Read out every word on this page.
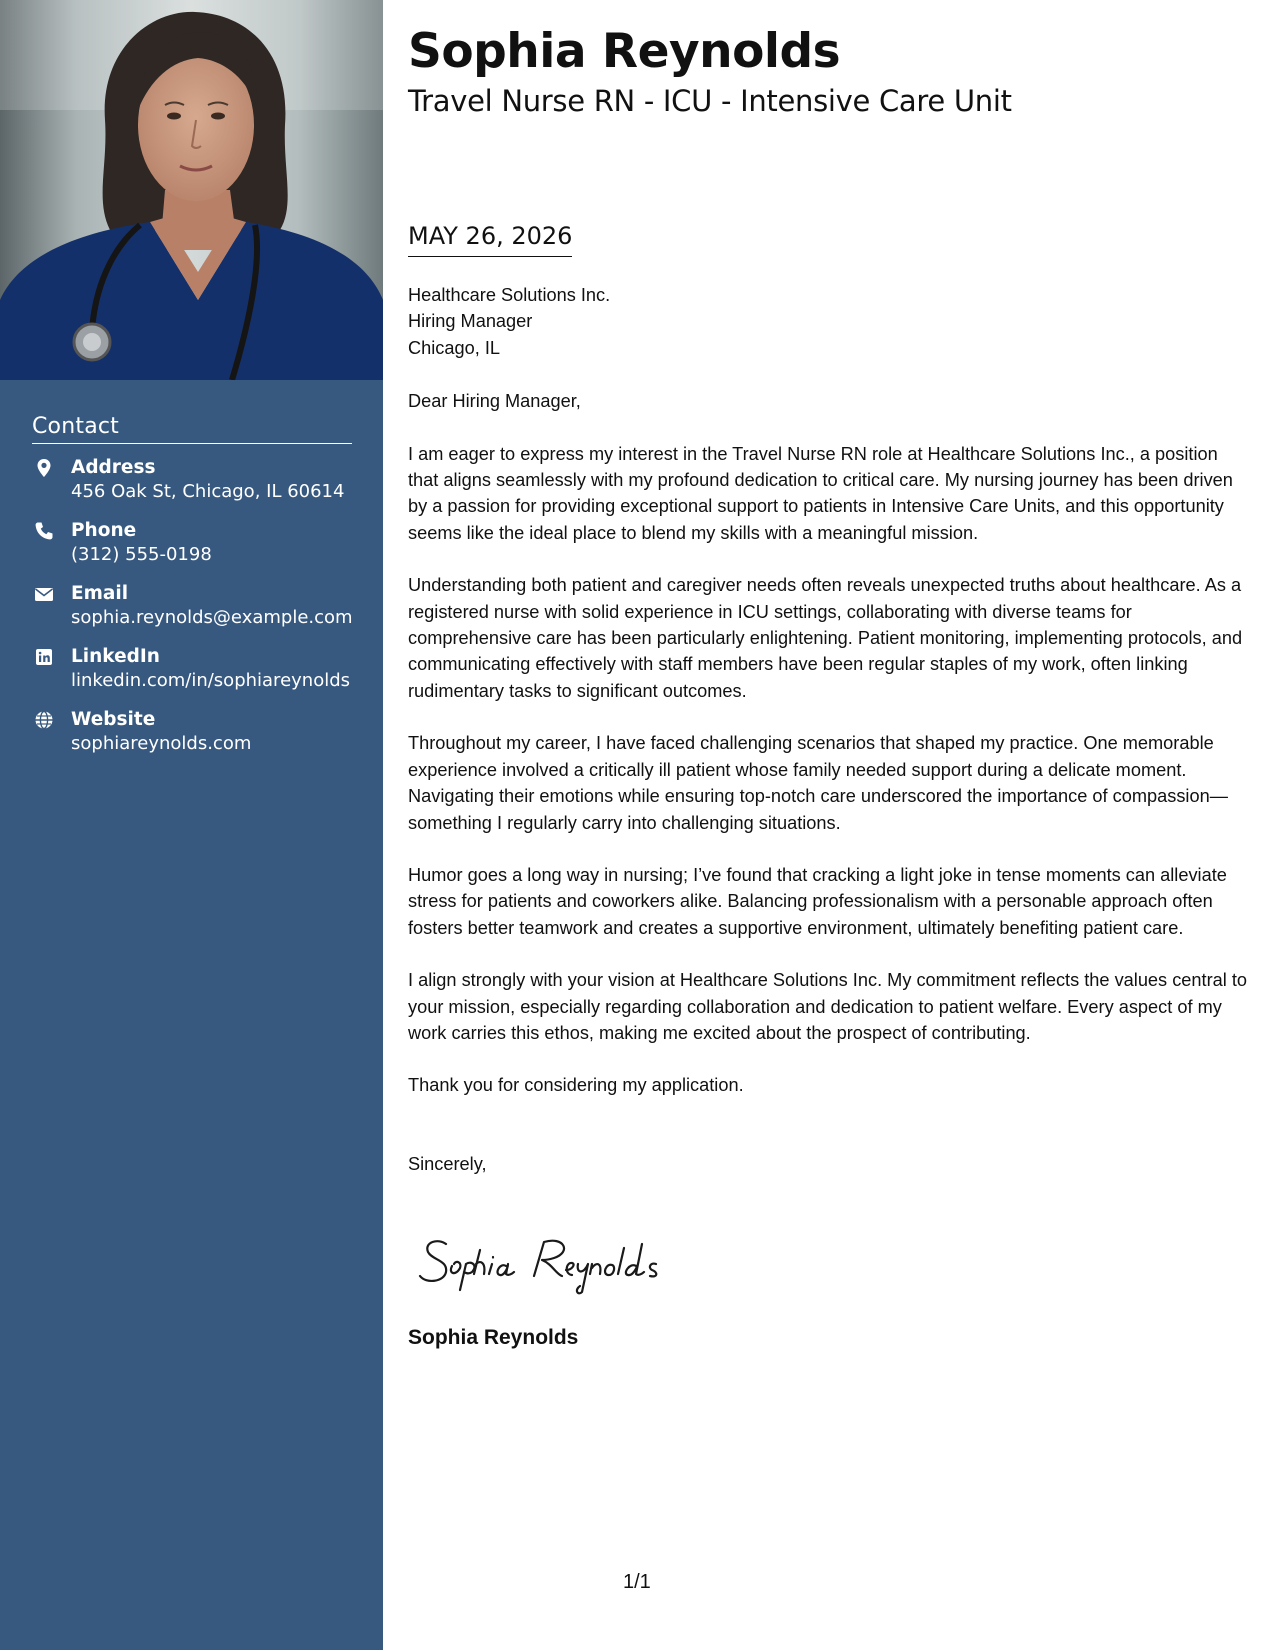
Contact
Address
456 Oak St, Chicago, IL 60614
Phone
(312) 555-0198
Email
sophia.reynolds@example.com
LinkedIn
linkedin.com/in/sophiareynolds
Website
sophiareynolds.com
Sophia Reynolds
Travel Nurse RN - ICU - Intensive Care Unit
MAY 26, 2026
Healthcare Solutions Inc.
Hiring Manager
Chicago, IL
Dear Hiring Manager,

I am eager to express my interest in the Travel Nurse RN role at Healthcare Solutions Inc., a position that aligns seamlessly with my profound dedication to critical care. My nursing journey has been driven by a passion for providing exceptional support to patients in Intensive Care Units, and this opportunity seems like the ideal place to blend my skills with a meaningful mission.

Understanding both patient and caregiver needs often reveals unexpected truths about healthcare. As a registered nurse with solid experience in ICU settings, collaborating with diverse teams for comprehensive care has been particularly enlightening. Patient monitoring, implementing protocols, and communicating effectively with staff members have been regular staples of my work, often linking rudimentary tasks to significant outcomes.

Throughout my career, I have faced challenging scenarios that shaped my practice. One memorable experience involved a critically ill patient whose family needed support during a delicate moment. Navigating their emotions while ensuring top-notch care underscored the importance of compassion—something I regularly carry into challenging situations.

Humor goes a long way in nursing; I’ve found that cracking a light joke in tense moments can alleviate stress for patients and coworkers alike. Balancing professionalism with a personable approach often fosters better teamwork and creates a supportive environment, ultimately benefiting patient care.

I align strongly with your vision at Healthcare Solutions Inc. My commitment reflects the values central to your mission, especially regarding collaboration and dedication to patient welfare. Every aspect of my work carries this ethos, making me excited about the prospect of contributing.

Thank you for considering my application.

Sincerely,
Sophia Reynolds
1/1
